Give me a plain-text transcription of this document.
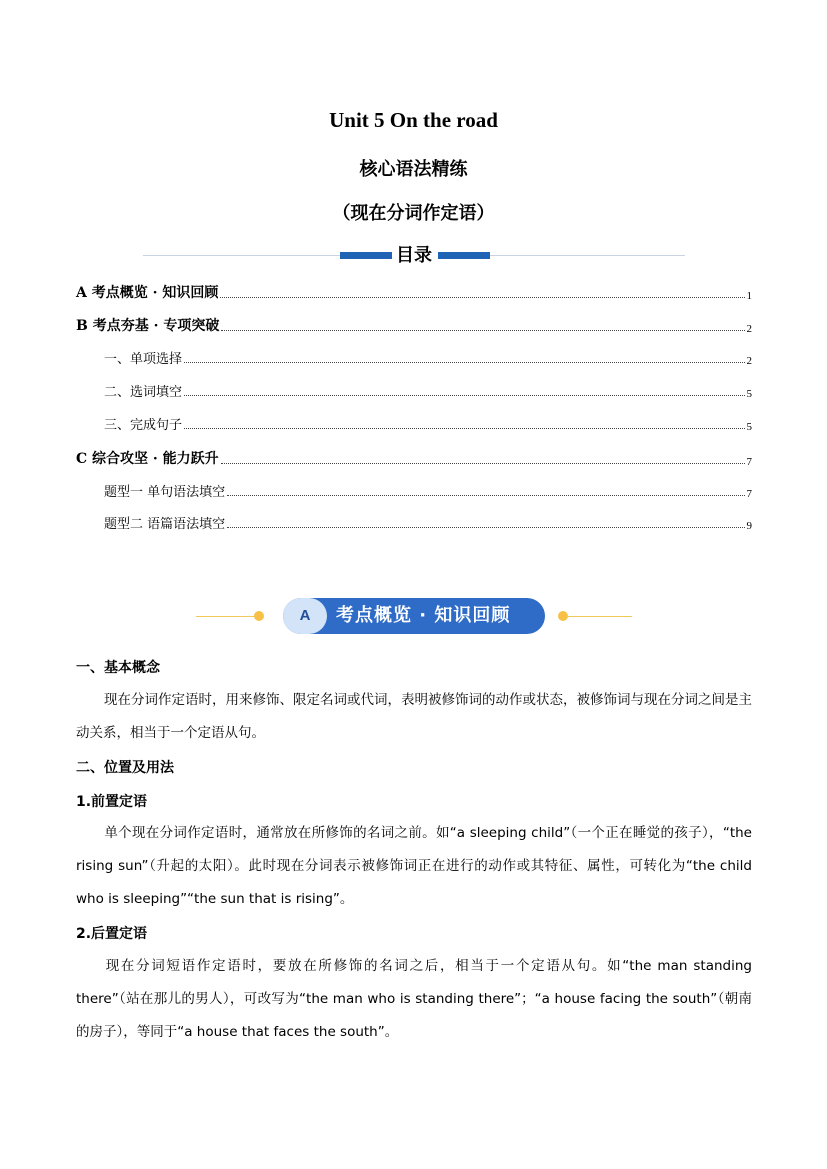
Unit 5 On the road
核心语法精练
（现在分词作定语）
目录
A 考点概览 · 知识回顾	1
B 考点夯基 · 专项突破	2
一、单项选择	2
二、选词填空	5
三、完成句子	5
C 综合攻坚 · 能力跃升	7
题型一 单句语法填空	7
题型二 语篇语法填空	9
A	考点概览 · 知识回顾
一、基本概念
现在分词作定语时，用来修饰、限定名词或代词，表明被修饰词的动作或状态，被修饰词与现在分词之间是主动关系，相当于一个定语从句。
二、位置及用法
1.前置定语
单个现在分词作定语时，通常放在所修饰的名词之前。如“a sleeping child”（一个正在睡觉的孩子），“the rising sun”（升起的太阳）。此时现在分词表示被修饰词正在进行的动作或其特征、属性，可转化为“the child who is sleeping”“the sun that is rising”。
2.后置定语
现在分词短语作定语时，要放在所修饰的名词之后，相当于一个定语从句。如“the man standing there”（站在那儿的男人），可改写为“the man who is standing there”；“a house facing the south”（朝南的房子），等同于“a house that faces the south”。
